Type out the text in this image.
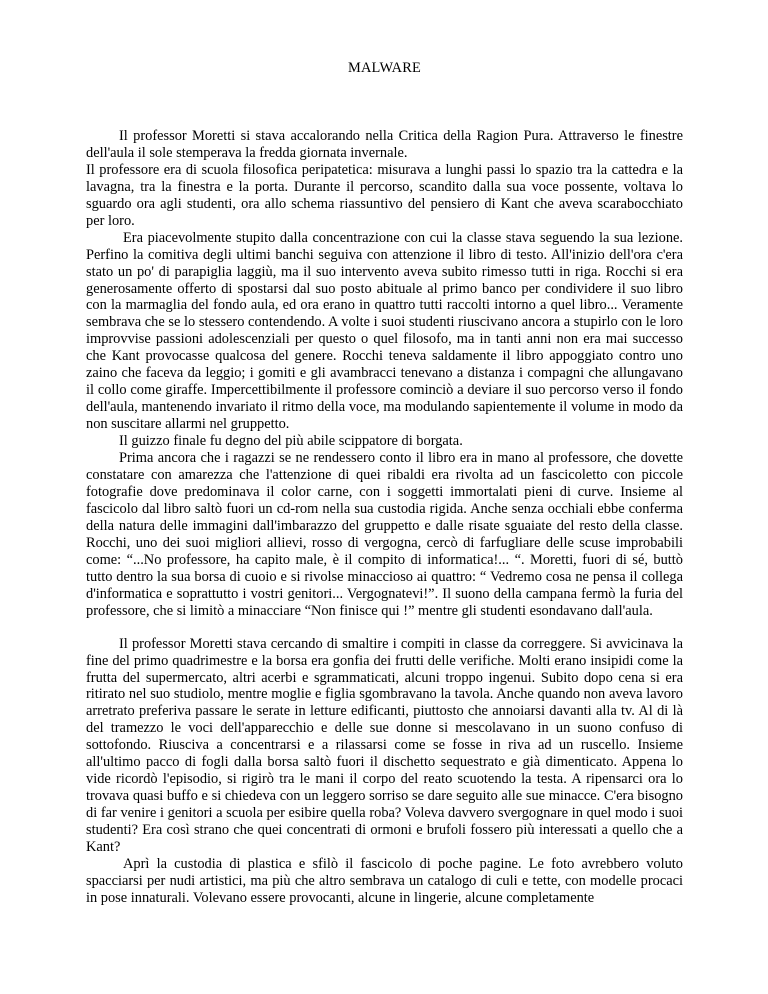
MALWARE

Il professor Moretti si stava accalorando nella Critica della Ragion Pura. Attraverso le finestre dell'aula il sole stemperava la fredda giornata invernale.

Il professore era di scuola filosofica peripatetica: misurava a lunghi passi lo spazio tra la cattedra e la lavagna, tra la finestra e la porta. Durante il percorso, scandito dalla sua voce possente, voltava lo sguardo ora agli studenti, ora allo schema riassuntivo del pensiero di Kant che aveva scarabocchiato per loro.

Era piacevolmente stupito dalla concentrazione con cui la classe stava seguendo la sua lezione. Perfino la comitiva degli ultimi banchi seguiva con attenzione il libro di testo. All'inizio dell'ora c'era stato un po' di parapiglia laggiù, ma il suo intervento aveva subito rimesso tutti in riga. Rocchi si era generosamente offerto di spostarsi dal suo posto abituale al primo banco per condividere il suo libro con la marmaglia del fondo aula, ed ora erano in quattro tutti raccolti intorno a quel libro... Veramente sembrava che se lo stessero contendendo. A volte i suoi studenti riuscivano ancora a stupirlo con le loro improvvise passioni adolescenziali per questo o quel filosofo, ma in tanti anni non era mai successo che Kant provocasse qualcosa del genere. Rocchi teneva saldamente il libro appoggiato contro uno zaino che faceva da leggio; i gomiti e gli avambracci tenevano a distanza i compagni che allungavano il collo come giraffe. Impercettibilmente il professore cominciò a deviare il suo percorso verso il fondo dell'aula, mantenendo invariato il ritmo della voce, ma modulando sapientemente il volume in modo da non suscitare allarmi nel gruppetto.

Il guizzo finale fu degno del più abile scippatore di borgata.

Prima ancora che i ragazzi se ne rendessero conto il libro era in mano al professore, che dovette constatare con amarezza che l'attenzione di quei ribaldi era rivolta ad un fascicoletto con piccole fotografie dove predominava il color carne, con i soggetti immortalati pieni di curve. Insieme al fascicolo dal libro saltò fuori un cd-rom nella sua custodia rigida. Anche senza occhiali ebbe conferma della natura delle immagini dall'imbarazzo del gruppetto e dalle risate sguaiate del resto della classe. Rocchi, uno dei suoi migliori allievi, rosso di vergogna, cercò di farfugliare delle scuse improbabili come: “...No professore, ha capito male, è il compito di informatica!... “. Moretti, fuori di sé, buttò tutto dentro la sua borsa di cuoio e si rivolse minaccioso ai quattro: “ Vedremo cosa ne pensa il collega d'informatica e soprattutto i vostri genitori... Vergognatevi!”. Il suono della campana fermò la furia del professore, che si limitò a minacciare “Non finisce qui !” mentre gli studenti esondavano dall'aula.

Il professor Moretti stava cercando di smaltire i compiti in classe da correggere. Si avvicinava la fine del primo quadrimestre e la borsa era gonfia dei frutti delle verifiche. Molti erano insipidi come la frutta del supermercato, altri acerbi e sgrammaticati, alcuni troppo ingenui. Subito dopo cena si era ritirato nel suo studiolo, mentre moglie e figlia sgombravano la tavola. Anche quando non aveva lavoro arretrato preferiva passare le serate in letture edificanti, piuttosto che annoiarsi davanti alla tv. Al di là del tramezzo le voci dell'apparecchio e delle sue donne si mescolavano in un suono confuso di sottofondo. Riusciva a concentrarsi e a rilassarsi come se fosse in riva ad un ruscello. Insieme all'ultimo pacco di fogli dalla borsa saltò fuori il dischetto sequestrato e già dimenticato. Appena lo vide ricordò l'episodio, si rigirò tra le mani il corpo del reato scuotendo la testa. A ripensarci ora lo trovava quasi buffo e si chiedeva con un leggero sorriso se dare seguito alle sue minacce. C'era bisogno di far venire i genitori a scuola per esibire quella roba? Voleva davvero svergognare in quel modo i suoi studenti? Era così strano che quei concentrati di ormoni e brufoli fossero più interessati a quello che a Kant?

Aprì la custodia di plastica e sfilò il fascicolo di poche pagine. Le foto avrebbero voluto spacciarsi per nudi artistici, ma più che altro sembrava un catalogo di culi e tette, con modelle procaci in pose innaturali. Volevano essere provocanti, alcune in lingerie, alcune completamente
